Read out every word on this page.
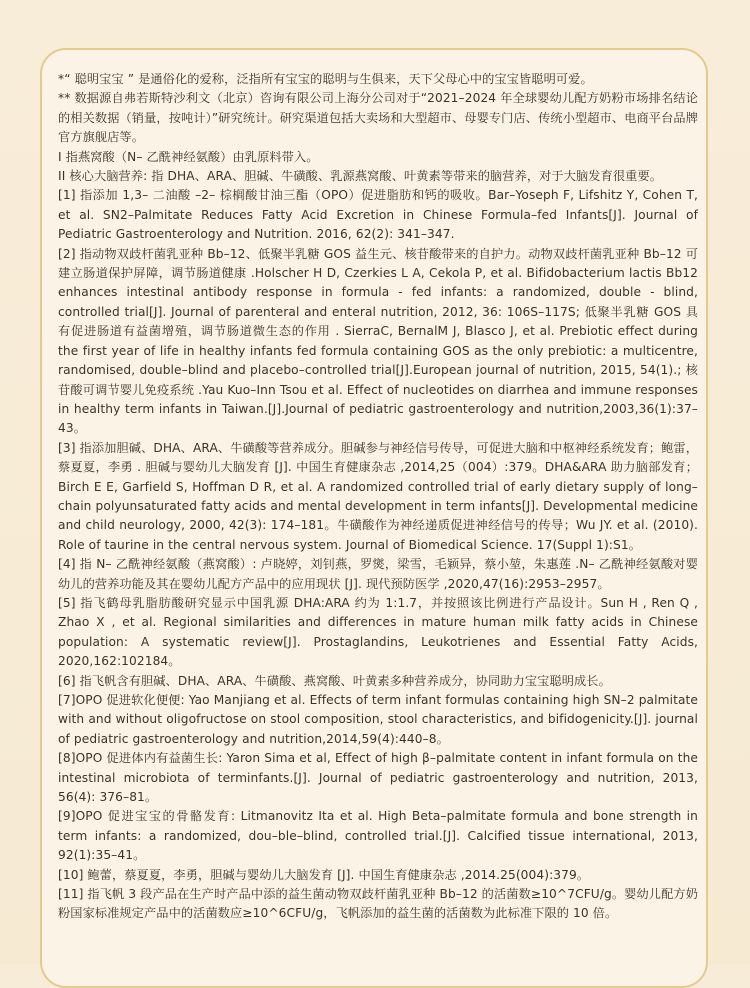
*“ 聪明宝宝 ” 是通俗化的爱称，泛指所有宝宝的聪明与生俱来，天下父母心中的宝宝皆聪明可爱。

** 数据源自弗若斯特沙利文（北京）咨询有限公司上海分公司对于“2021–2024 年全球婴幼儿配方奶粉市场排名结论的相关数据（销量，按吨计）”研究统计。研究渠道包括大卖场和大型超市、母婴专门店、传统小型超市、电商平台品牌官方旗舰店等。

I 指燕窝酸（N– 乙酰神经氨酸）由乳原料带入。

II 核心大脑营养: 指 DHA、ARA、胆碱、牛磺酸、乳源燕窝酸、叶黄素等带来的脑营养，对于大脑发育很重要。

[1] 指添加 1,3– 二油酸 –2– 棕榈酸甘油三酯（OPO）促进脂肪和钙的吸收。Bar–Yoseph F, Lifshitz Y, Cohen T, et al. SN2–Palmitate Reduces Fatty Acid Excretion in Chinese Formula–fed Infants[J]. Journal of Pediatric Gastroenterology and Nutrition. 2016, 62(2): 341–347.

[2] 指动物双歧杆菌乳亚种 Bb–12、低聚半乳糖 GOS 益生元、核苷酸带来的自护力。动物双歧杆菌乳亚种 Bb–12 可建立肠道保护屏障，调节肠道健康 .Holscher H D, Czerkies L A, Cekola P, et al. Bifidobacterium lactis Bb12 enhances intestinal antibody response in formula ‐ fed infants: a randomized, double ‐ blind, controlled trial[J]. Journal of parenteral and enteral nutrition, 2012, 36: 106S–117S; 低聚半乳糖 GOS 具有促进肠道有益菌增殖，调节肠道微生态的作用 . SierraC, BernalM J, Blasco J, et al. Prebiotic effect during the first year of life in healthy infants fed formula containing GOS as the only prebiotic: a multicentre, randomised, double–blind and placebo–controlled trial[J].European journal of nutrition, 2015, 54(1).; 核苷酸可调节婴儿免疫系统 .Yau Kuo–Inn Tsou et al. Effect of nucleotides on diarrhea and immune responses in healthy term infants in Taiwan.[J].Journal of pediatric gastroenterology and nutrition,2003,36(1):37–43。

[3] 指添加胆碱、DHA、ARA、牛磺酸等营养成分。胆碱参与神经信号传导，可促进大脑和中枢神经系统发育；鲍雷，蔡夏夏，李勇 . 胆碱与婴幼儿大脑发育 [J]. 中国生育健康杂志 ,2014,25（004）:379。DHA&ARA 助力脑部发育；Birch E E, Garfield S, Hoffman D R, et al. A randomized controlled trial of early dietary supply of long–chain polyunsaturated fatty acids and mental development in term infants[J]. Developmental medicine and child neurology, 2000, 42(3): 174–181。牛磺酸作为神经递质促进神经信号的传导；Wu JY. et al. (2010). Role of taurine in the central nervous system. Journal of Biomedical Science. 17(Suppl 1):S1。

[4] 指 N– 乙酰神经氨酸（燕窝酸）: 卢晓婷，刘钊燕，罗爕，梁雪，毛颖异，蔡小堃，朱惠莲 .N– 乙酰神经氨酸对婴幼儿的营养功能及其在婴幼儿配方产品中的应用现状 [J]. 现代预防医学 ,2020,47(16):2953–2957。

[5] 指飞鹤母乳脂肪酸研究显示中国乳源 DHA:ARA 约为 1:1.7，并按照该比例进行产品设计。Sun H , Ren Q , Zhao X , et al. Regional similarities and differences in mature human milk fatty acids in Chinese population: A systematic review[J]. Prostaglandins, Leukotrienes and Essential Fatty Acids, 2020,162:102184。

[6] 指飞帆含有胆碱、DHA、ARA、牛磺酸、燕窝酸、叶黄素多种营养成分，协同助力宝宝聪明成长。

[7]OPO 促进软化便便: Yao Manjiang et al. Effects of term infant formulas containing high SN–2 palmitate with and without oligofructose on stool composition, stool characteristics, and bifidogenicity.[J]. journal of pediatric gastroenterology and nutrition,2014,59(4):440–8。

[8]OPO 促进体内有益菌生长: Yaron Sima et al, Effect of high β–palmitate content in infant formula on the intestinal microbiota of terminfants.[J]. Journal of pediatric gastroenterology and nutrition, 2013, 56(4): 376–81。

[9]OPO 促进宝宝的骨骼发育: Litmanovitz Ita et al. High Beta–palmitate formula and bone strength in term infants: a randomized, dou–ble–blind, controlled trial.[J]. Calcified tissue international, 2013, 92(1):35–41。

[10] 鲍蕾，蔡夏夏，李勇，胆碱与婴幼儿大脑发育 [J]. 中国生育健康杂志 ,2014.25(004):379。

[11] 指飞帆 3 段产品在生产时产品中添的益生菌动物双歧杆菌乳亚种 Bb–12 的活菌数≥10^7CFU/g。婴幼儿配方奶粉国家标准规定产品中的活菌数应≥10^6CFU/g，飞帆添加的益生菌的活菌数为此标准下限的 10 倍。
